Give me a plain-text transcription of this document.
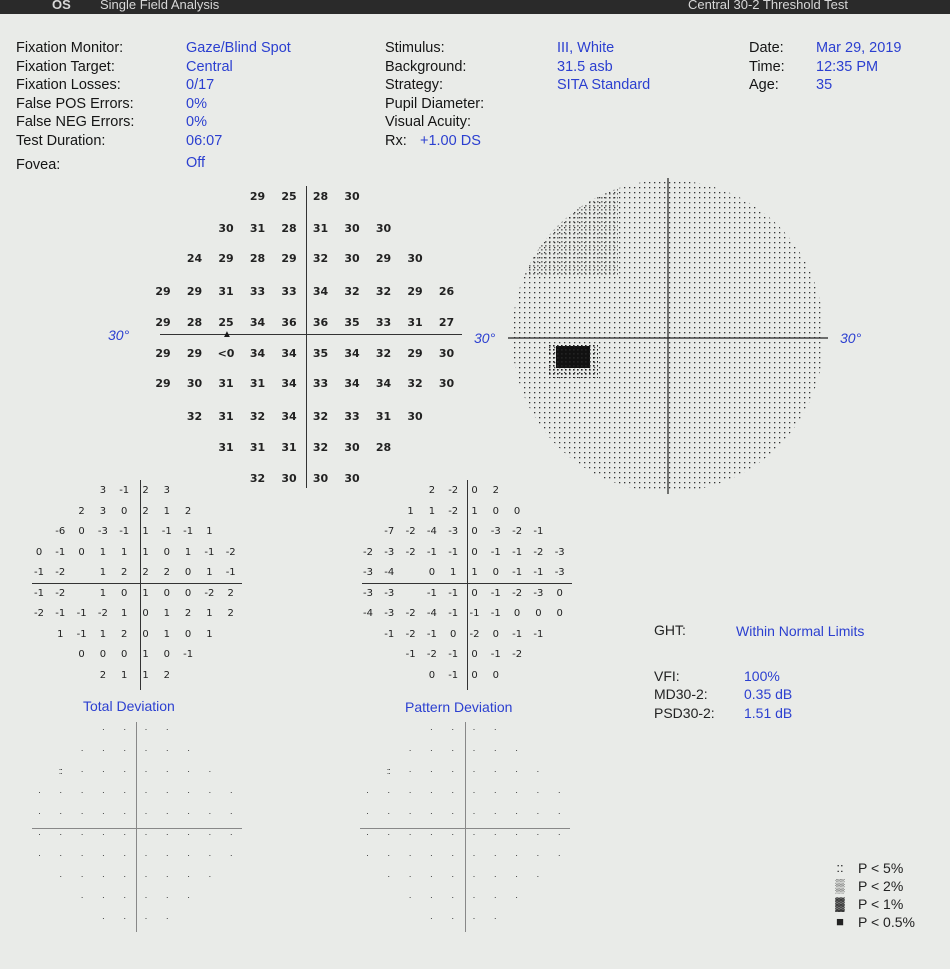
OS Single Field Analysis	Central 30-2 Threshold Test
Fixation Monitor:	Gaze/Blind Spot
Fixation Target:	Central
Fixation Losses:	0/17
False POS Errors:	0%
False NEG Errors:	0%
Test Duration:	06:07
Fovea:	Off
Stimulus:	III, White
Background:	31.5 asb
Strategy:	SITA Standard
Pupil Diameter:
Visual Acuity:
Rx: +1.00 DS
Date: Mar 29, 2019
Time: 12:35 PM
Age:	35
30°	30°
▲
29	25	28	30
30	31	28	31	30	30
24	29	28	29	32	30	29	30
29	29	31	33	33	34	32	32	29	26
29	28	25	34	36	36	35	33	31	27
29	29	<0	34	34	35	34	32	29	30
29	30	31	31	34	33	34	34	32	30
32	31	32	34	32	33	31	30
31	31	31	32	30	28
32	30	30	30
30°
3	-1	2	3
2	3	0	2	1	2
-6	0	-3	-1	1	-1	-1	1
0	-1	0	1	1	1	0	1	-1	-2
-1	-2	1	2	2	2	0	1	-1
-1	-2	1	0	1	0	0	-2	2
-2	-1	-1	-2	1	0	1	2	1	2
1	-1	1	2	0	1	0	1
0	0	0	1	0	-1
2	1	1	2
Total Deviation
2	-2	0	2
1	1	-2	1	0	0
-7	-2	-4	-3	0	-3	-2	-1
-2	-3	-2	-1	-1	0	-1	-1	-2	-3
-3	-4	0	1	1	0	-1	-1	-3
-3	-3	-1	-1	0	-1	-2	-3	0
-4	-3	-2	-4	-1	-1	-1	0	0	0
-1	-2	-1	0	-2	0	-1	-1
-1	-2	-1	0	-1	-2
0	-1	0	0
Pattern Deviation
·	·	·	·
·	·	·	·	·	·
::	·	·	·	·	·	·	·
·	·	·	·	·	·	·	·	·	·
·	·	·	·	·	·	·	·	·	·
·	·	·	·	·	·	·	·	·	·
·	·	·	·	·	·	·	·	·	·
·	·	·	·	·	·	·	·
·	·	·	·	·	·
·	·	·	·
·	·	·	·
·	·	·	·	·	·
::	·	·	·	·	·	·	·
·	·	·	·	·	·	·	·	·	·
·	·	·	·	·	·	·	·	·	·
·	·	·	·	·	·	·	·	·	·
·	·	·	·	·	·	·	·	·	·
·	·	·	·	·	·	·	·
·	·	·	·	·	·
·	·	·	·
GHT:	Within Normal Limits
VFI:	100%
MD30-2:	0.35 dB
PSD30-2: 1.51 dB
::	P < 5%
▒ P < 2%
▓ P < 1%
■	P < 0.5%
